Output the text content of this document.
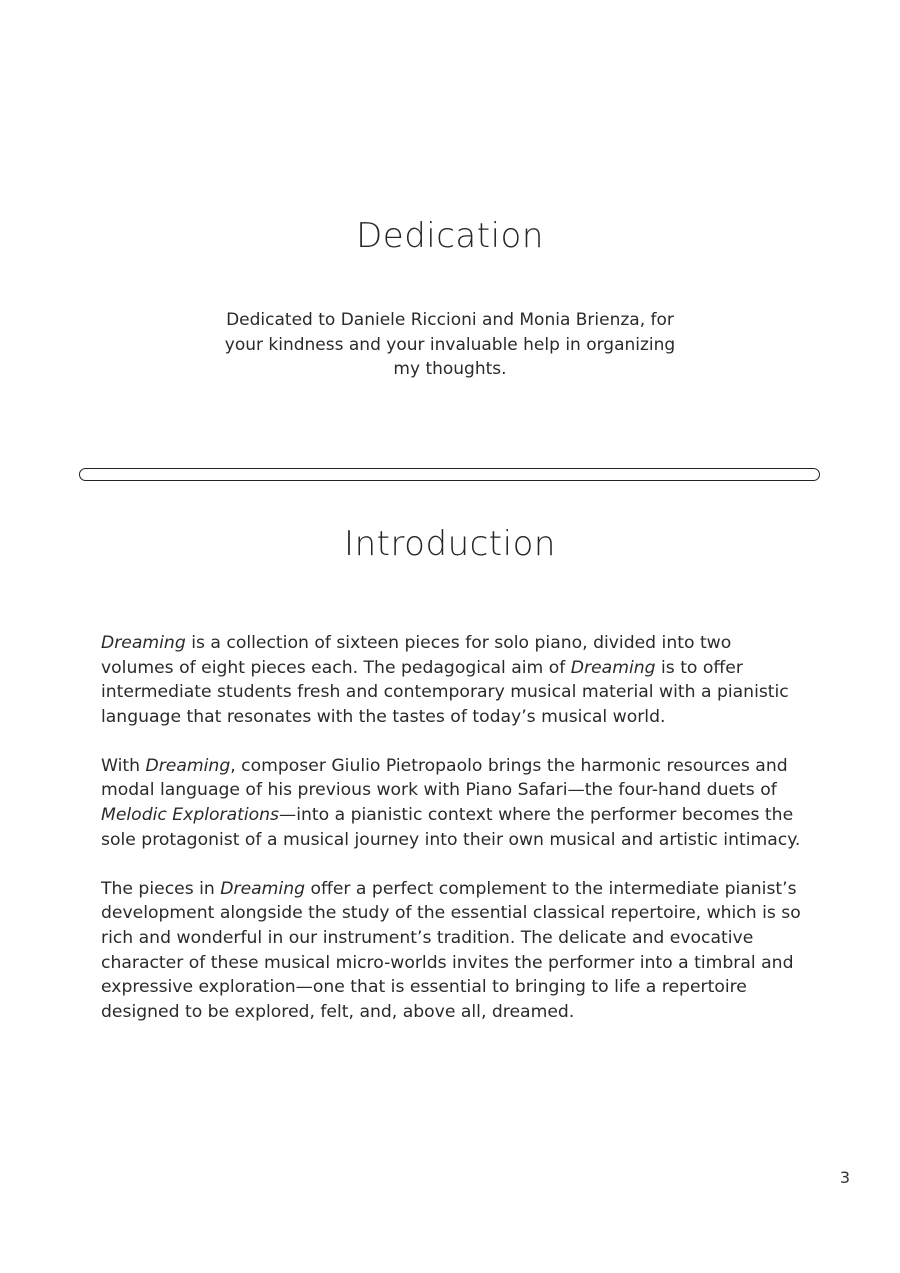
Dedication

Dedicated to Daniele Riccioni and Monia Brienza, for
your kindness and your invaluable help in organizing
my thoughts.

Introduction

Dreaming is a collection of sixteen pieces for solo piano, divided into two volumes of eight pieces each. The pedagogical aim of Dreaming is to offer intermediate students fresh and contemporary musical material with a pianistic language that resonates with the tastes of today’s musical world.

With Dreaming, composer Giulio Pietropaolo brings the harmonic resources and modal language of his previous work with Piano Safari—the four-hand duets of Melodic Explorations—into a pianistic context where the performer becomes the sole protagonist of a musical journey into their own musical and artistic intimacy.

The pieces in Dreaming offer a perfect complement to the intermediate pianist’s development alongside the study of the essential classical repertoire, which is so rich and wonderful in our instrument’s tradition. The delicate and evocative character of these musical micro-worlds invites the performer into a timbral and expressive exploration—one that is essential to bringing to life a repertoire designed to be explored, felt, and, above all, dreamed.

3
